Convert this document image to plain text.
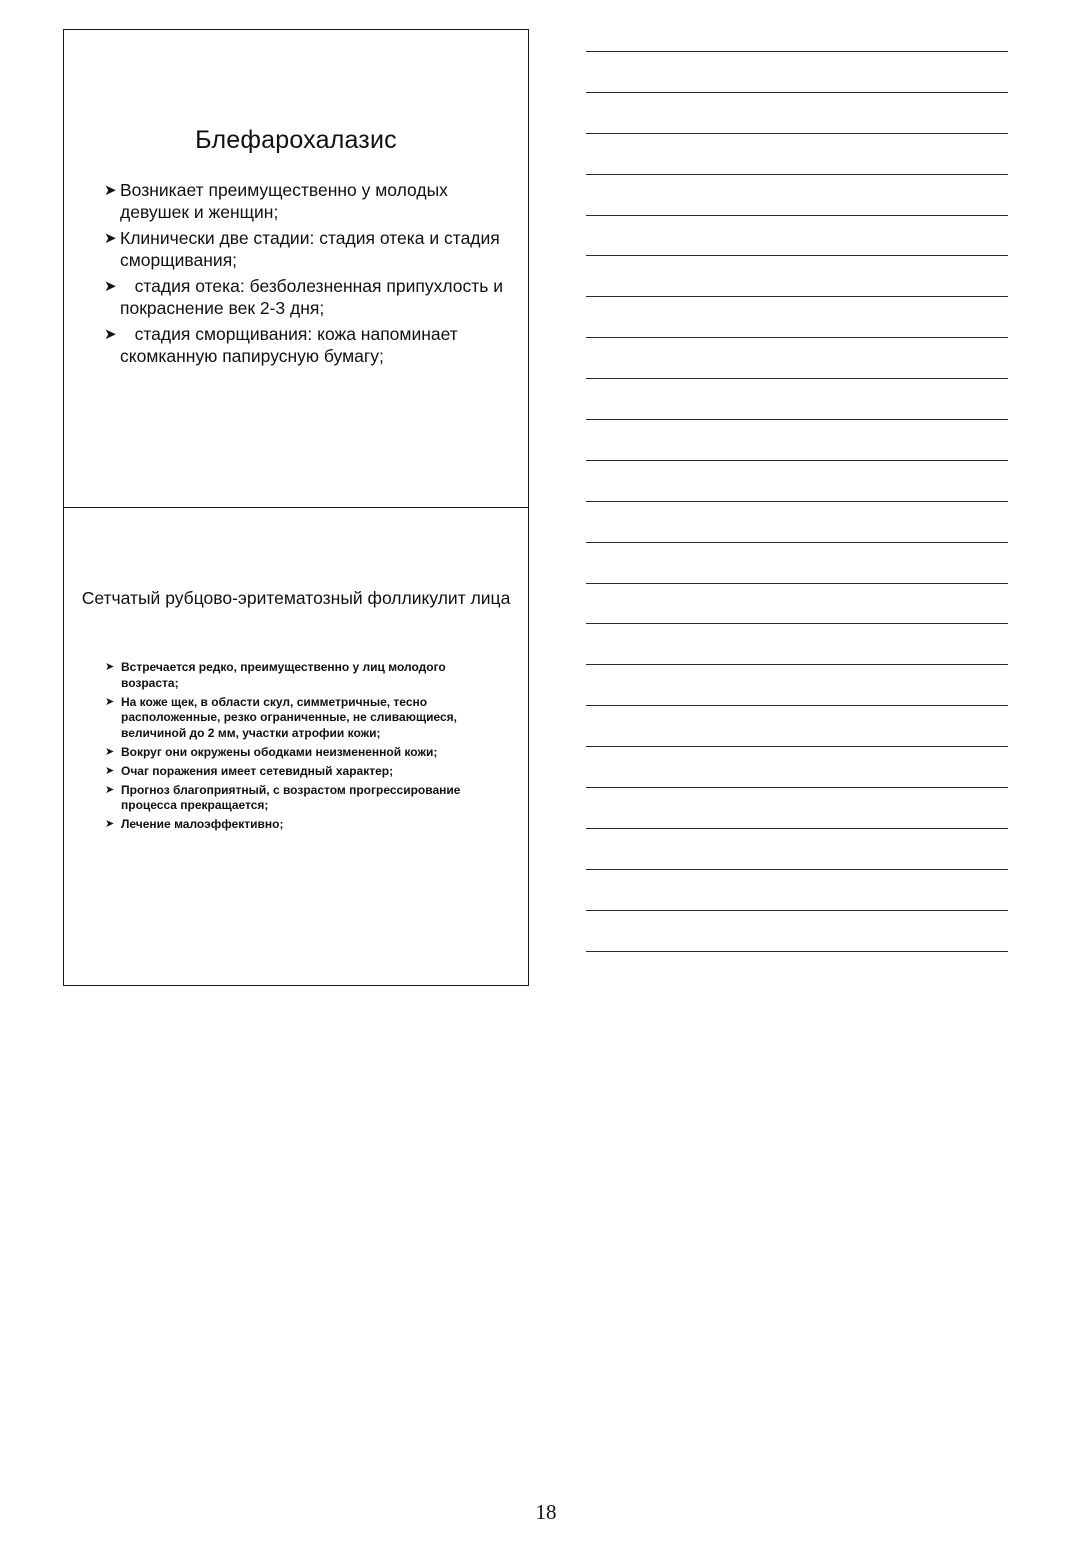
Блефарохалазис
➤ Возникает преимущественно у молодых девушек и женщин;
➤ Клинически две стадии: стадия отека и стадия сморщивания;
➤ стадия отека: безболезненная припухлость и покраснение век 2-3 дня;
➤ стадия сморщивания: кожа напоминает скомканную папирусную бумагу;
Сетчатый рубцово-эритематозный фолликулит лица
➤ Встречается редко, преимущественно у лиц молодого возраста;
➤ На коже щек, в области скул, симметричные, тесно расположенные, резко ограниченные, не сливающиеся, величиной до 2 мм, участки атрофии кожи;
➤ Вокруг они окружены ободками неизмененной кожи;
➤ Очаг поражения имеет сетевидный характер;
➤ Прогноз благоприятный, с возрастом прогрессирование процесса прекращается;
➤ Лечение малоэффективно;
18
